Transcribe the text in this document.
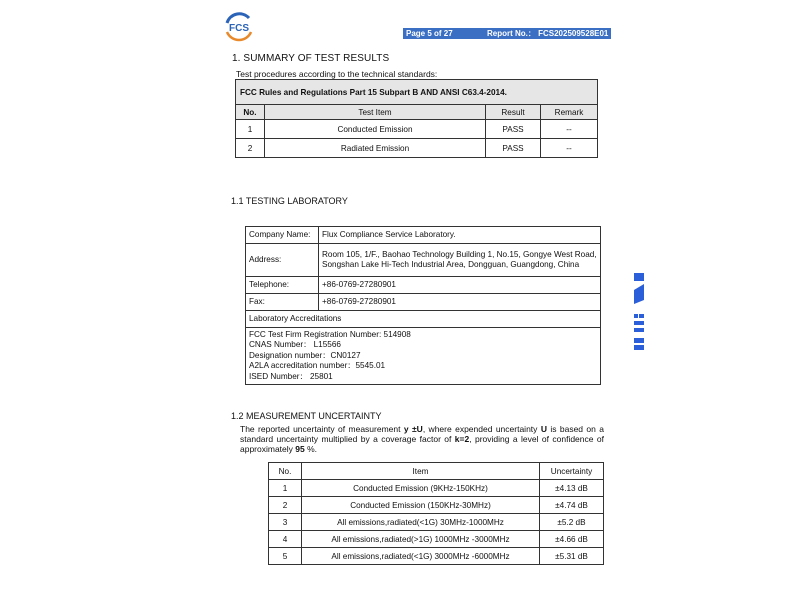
FCS	Page 5 of 27	Report No.： FCS202509528E01
1. SUMMARY OF TEST RESULTS
Test procedures according to the technical standards:
FCC Rules and Regulations Part 15 Subpart B AND ANSI C63.4-2014.			
No.	Test Item	Result	Remark
1	Conducted Emission	PASS	--
2	Radiated Emission	PASS	--
1.1 TESTING LABORATORY
Company Name:	Flux Compliance Service Laboratory.
Address:	Room 105, 1/F., Baohao Technology Building 1, No.15, Gongye West Road, Songshan Lake Hi-Tech Industrial Area, Dongguan, Guangdong, China
Telephone:	+86-0769-27280901
Fax:	+86-0769-27280901
Laboratory Accreditations	

FCC Test Firm Registration Number: 514908
CNAS Number： L15566
Designation number：CN0127
A2LA accreditation number：5545.01
ISED Number： 25801	
1.2 MEASUREMENT UNCERTAINTY
The reported uncertainty of measurement y ±U, where expended uncertainty U is based on a standard uncertainty multiplied by a coverage factor of k=2, providing a level of confidence of approximately 95 %.
No.	Item	Uncertainty
1	Conducted Emission (9KHz-150KHz)	±4.13 dB
2	Conducted Emission (150KHz-30MHz)	±4.74 dB
3	All emissions,radiated(<1G) 30MHz-1000MHz	±5.2 dB
4	All emissions,radiated(>1G) 1000MHz -3000MHz	±4.66 dB
5	All emissions,radiated(<1G) 3000MHz -6000MHz	±5.31 dB
